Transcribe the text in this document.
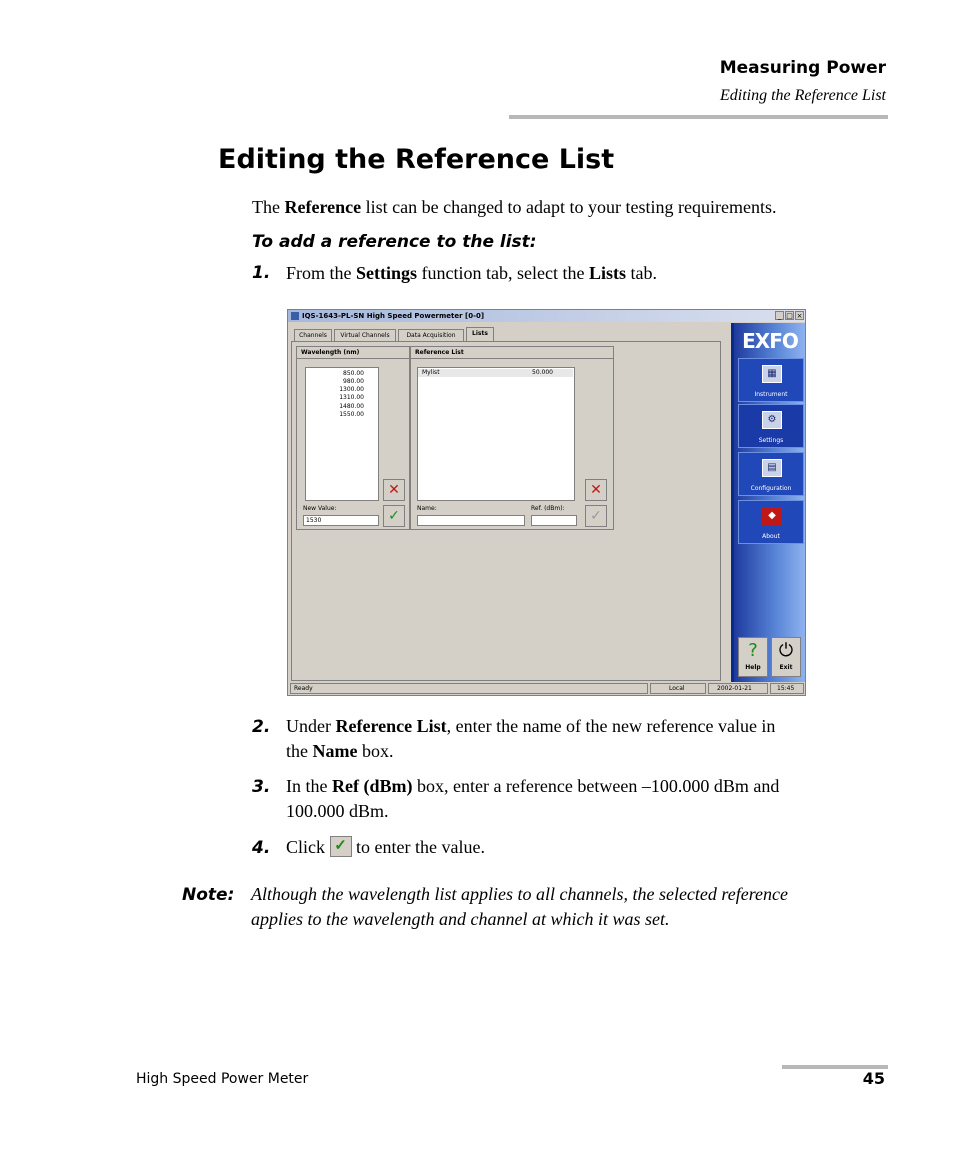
Measuring Power
Editing the Reference List
Editing the Reference List
The Reference list can be changed to adapt to your testing requirements.
To add a reference to the list:
1. From the Settings function tab, select the Lists tab.
IQS-1643-PL-SN High Speed Powermeter [0-0]	_ □ ×
Channels	Virtual Channels	Data Acquisition	Lists
Wavelength (nm)
850.00
980.00
1300.00
1310.00
1480.00
1550.00
✕
New Value:
1530	✓
Reference List
Mylist	50.000
✕
Name:	Ref. (dBm):	✓
EXFO
▦
Instrument
⚙
Settings
▤
Configuration
◆
About
?
Help
⏻
Exit
Ready	Local	2002-01-21	15:45
2. Under Reference List, enter the name of the new reference value in
the Name box.
3. In the Ref (dBm) box, enter a reference between –100.000 dBm and
100.000 dBm.
4. Click ✓ to enter the value.
Note: Although the wavelength list applies to all channels, the selected reference
applies to the wavelength and channel at which it was set.
High Speed Power Meter	45
